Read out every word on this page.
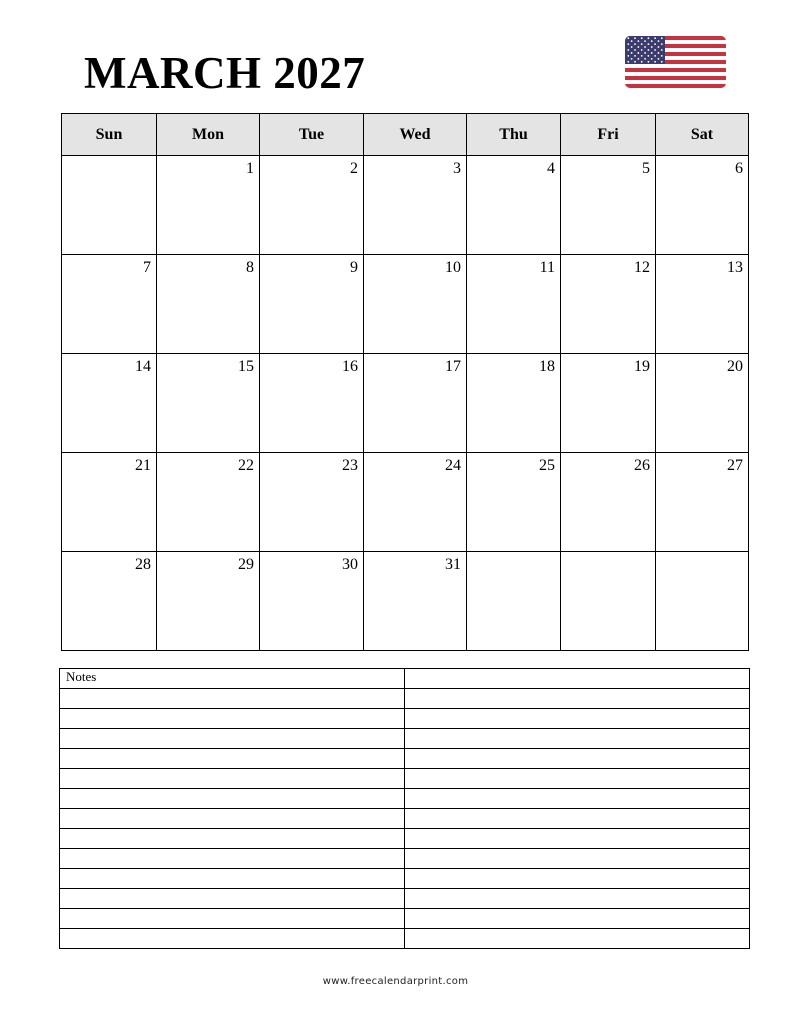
MARCH 2027
Sun	Mon	Tue	Wed	Thu	Fri	Sat

	1	2	3	4	5	6

7	8	9	10	11	12	13

14	15	16	17	18	19	20

21	22	23	24	25	26	27

28	29	30	31			

Notes	

www.freecalendarprint.com
